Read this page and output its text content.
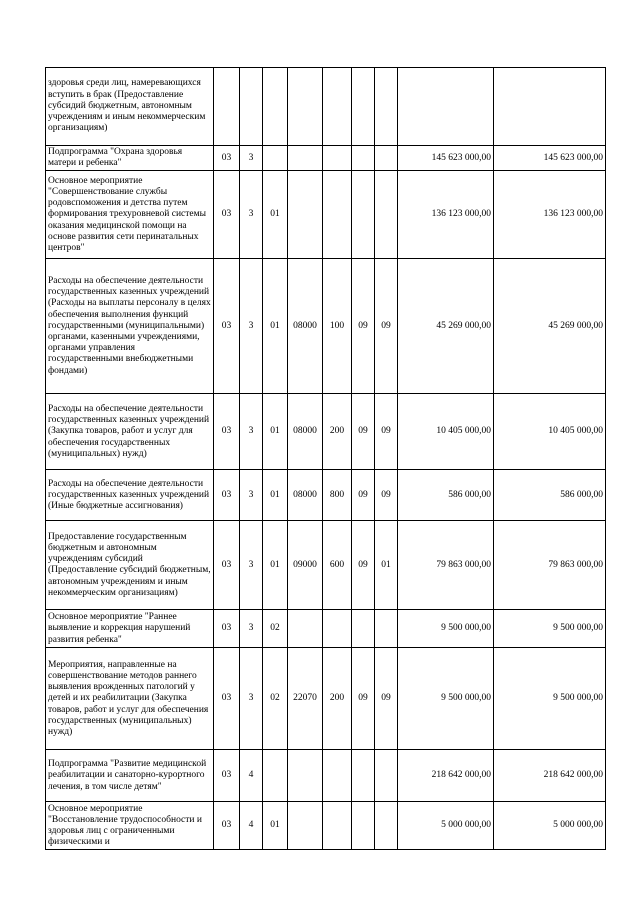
здоровья среди лиц, намеревающихся вступить в брак (Предоставление субсидий бюджетным, автономным учреждениям и иным некоммерческим организациям)									
Подпрограмма "Охрана здоровья матери и ребенка"	03	3						145 623 000,00	145 623 000,00
Основное мероприятие "Совершенствование службы родовспоможения и детства путем формирования трехуровневой системы оказания медицинской помощи на основе развития сети перинатальных центров"	03	3	01					136 123 000,00	136 123 000,00
Расходы на обеспечение деятельности государственных казенных учреждений (Расходы на выплаты персоналу в целях обеспечения выполнения функций государственными (муниципальными) органами, казенными учреждениями, органами управления государственными внебюджетными фондами)	03	3	01	08000	100	09	09	45 269 000,00	45 269 000,00
Расходы на обеспечение деятельности государственных казенных учреждений (Закупка товаров, работ и услуг для обеспечения государственных (муниципальных) нужд)	03	3	01	08000	200	09	09	10 405 000,00	10 405 000,00
Расходы на обеспечение деятельности государственных казенных учреждений (Иные бюджетные ассигнования)	03	3	01	08000	800	09	09	586 000,00	586 000,00
Предоставление государственным бюджетным и автономным учреждениям субсидий (Предоставление субсидий бюджетным, автономным учреждениям и иным некоммерческим организациям)	03	3	01	09000	600	09	01	79 863 000,00	79 863 000,00
Основное мероприятие "Раннее выявление и коррекция нарушений развития ребенка"	03	3	02					9 500 000,00	9 500 000,00
Мероприятия, направленные на совершенствование методов раннего выявления врожденных патологий у детей и их реабилитации (Закупка товаров, работ и услуг для обеспечения государственных (муниципальных) нужд)	03	3	02	22070	200	09	09	9 500 000,00	9 500 000,00
Подпрограмма "Развитие медицинской реабилитации и санаторно-курортного лечения, в том числе детям"	03	4						218 642 000,00	218 642 000,00
Основное мероприятие "Восстановление трудоспособности и здоровья лиц с ограниченными физическими и	03	4	01					5 000 000,00	5 000 000,00
